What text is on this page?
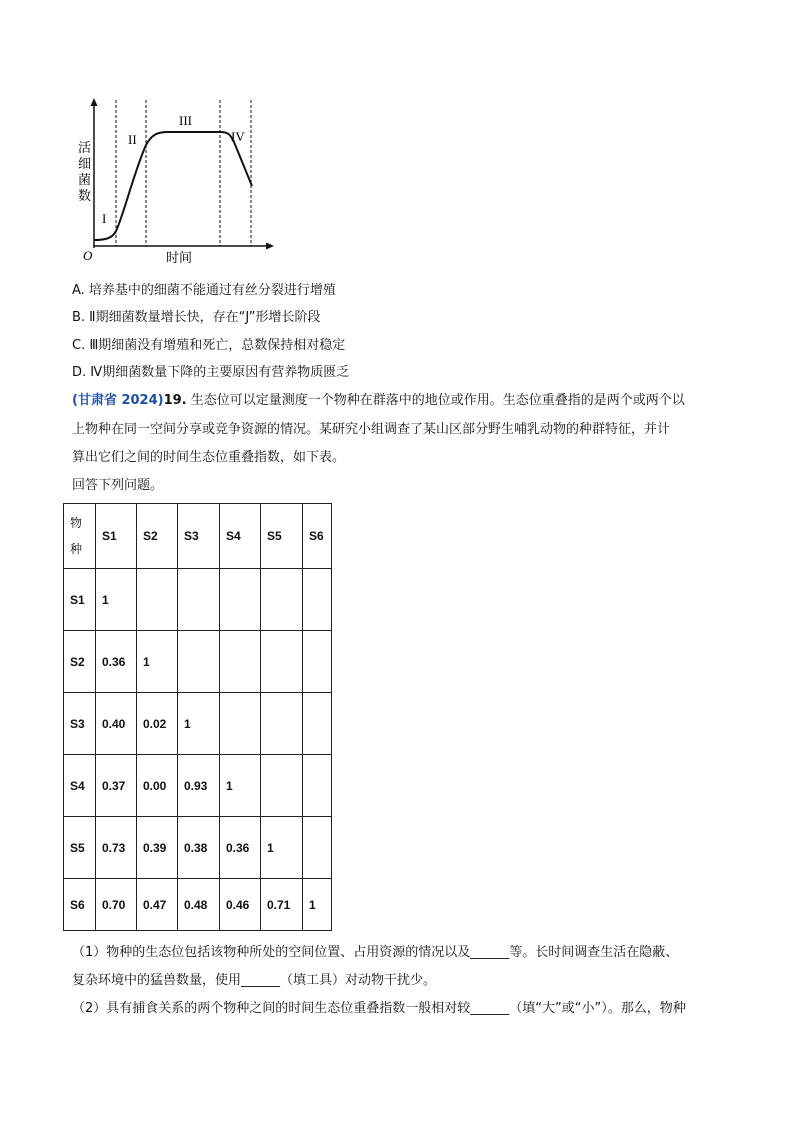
活
细
菌
数
O	时间
I
II
III
IV
A. 培养基中的细菌不能通过有丝分裂进行增殖
B. Ⅱ期细菌数量增长快，存在“J”形增长阶段
C. Ⅲ期细菌没有增殖和死亡，总数保持相对稳定
D. Ⅳ期细菌数量下降的主要原因有营养物质匮乏
(甘肃省 2024)19. 生态位可以定量测度一个物种在群落中的地位或作用。生态位重叠指的是两个或两个以
上物种在同一空间分享或竞争资源的情况。某研究小组调查了某山区部分野生哺乳动物的种群特征，并计
算出它们之间的时间生态位重叠指数，如下表。
回答下列问题。
物种	S1	S2	S3	S4	S5	S6
S1	1					
S2	0.36	1				
S3	0.40	0.02	1			
S4	0.37	0.00	0.93	1		
S5	0.73	0.39	0.38	0.36	1	
S6	0.70	0.47	0.48	0.46	0.71	1
（1）物种的生态位包括该物种所处的空间位置、占用资源的情况以及______等。长时间调查生活在隐蔽、
复杂环境中的猛兽数量，使用______（填工具）对动物干扰少。
（2）具有捕食关系的两个物种之间的时间生态位重叠指数一般相对较______（填“大”或“小”）。那么，物种
